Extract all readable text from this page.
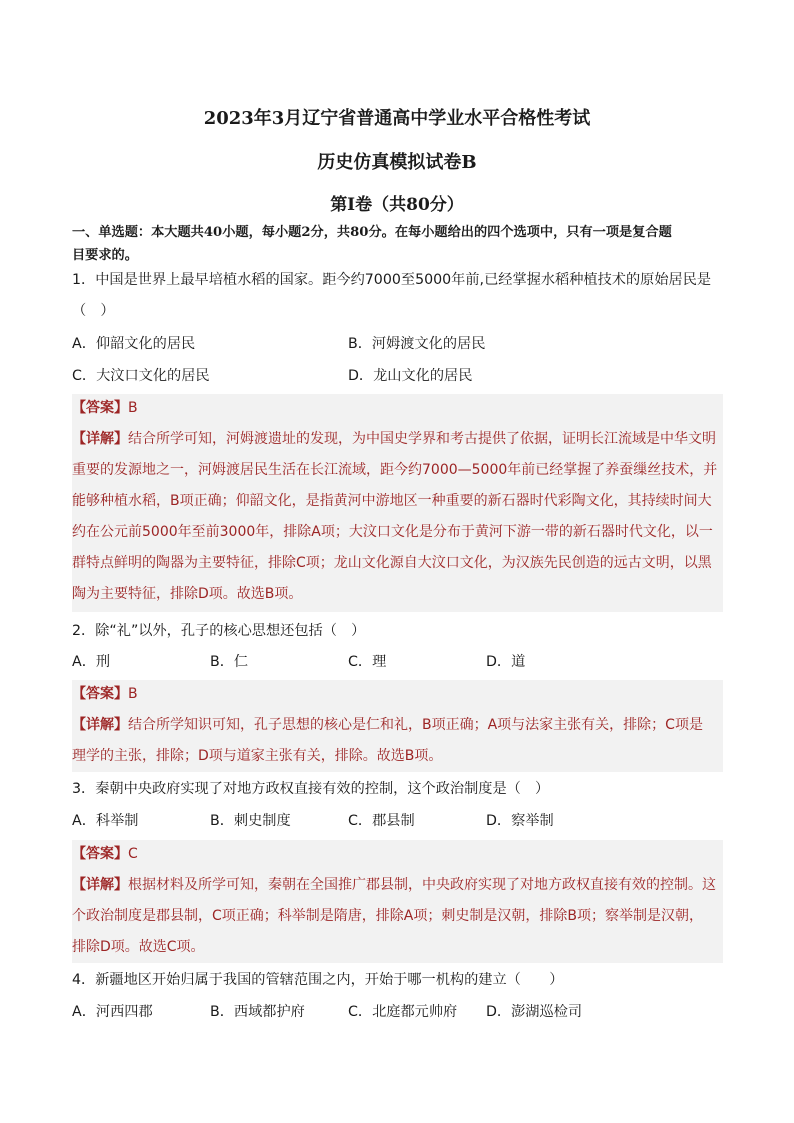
2023年3月辽宁省普通高中学业水平合格性考试
历史仿真模拟试卷B
第Ⅰ卷（共80分）
一、单选题：本大题共40小题，每小题2分，共80分。在每小题给出的四个选项中，只有一项是复合题
目要求的。
1．中国是世界上最早培植水稻的国家。距今约7000至5000年前,已经掌握水稻种植技术的原始居民是
（　）
A．仰韶文化的居民	B．河姆渡文化的居民
C．大汶口文化的居民	D．龙山文化的居民
【答案】B
【详解】结合所学可知，河姆渡遗址的发现，为中国史学界和考古提供了依据，证明长江流域是中华文明
重要的发源地之一，河姆渡居民生活在长江流域，距今约7000—5000年前已经掌握了养蚕缫丝技术，并
能够种植水稻，B项正确；仰韶文化，是指黄河中游地区一种重要的新石器时代彩陶文化，其持续时间大
约在公元前5000年至前3000年，排除A项；大汶口文化是分布于黄河下游一带的新石器时代文化，以一
群特点鲜明的陶器为主要特征，排除C项；龙山文化源自大汶口文化，为汉族先民创造的远古文明，以黑
陶为主要特征，排除D项。故选B项。
2．除“礼”以外，孔子的核心思想还包括（　）
A．刑	B．仁	C．理	D．道
【答案】B
【详解】结合所学知识可知，孔子思想的核心是仁和礼，B项正确；A项与法家主张有关，排除；C项是
理学的主张，排除；D项与道家主张有关，排除。故选B项。
3．秦朝中央政府实现了对地方政权直接有效的控制，这个政治制度是（　）
A．科举制	B．刺史制度	C．郡县制	D．察举制
【答案】C
【详解】根据材料及所学可知，秦朝在全国推广郡县制，中央政府实现了对地方政权直接有效的控制。这
个政治制度是郡县制，C项正确；科举制是隋唐，排除A项；刺史制是汉朝，排除B项；察举制是汉朝，
排除D项。故选C项。
4．新疆地区开始归属于我国的管辖范围之内，开始于哪一机构的建立（　　）
A．河西四郡	B．西域都护府	C．北庭都元帅府 D．澎湖巡检司
